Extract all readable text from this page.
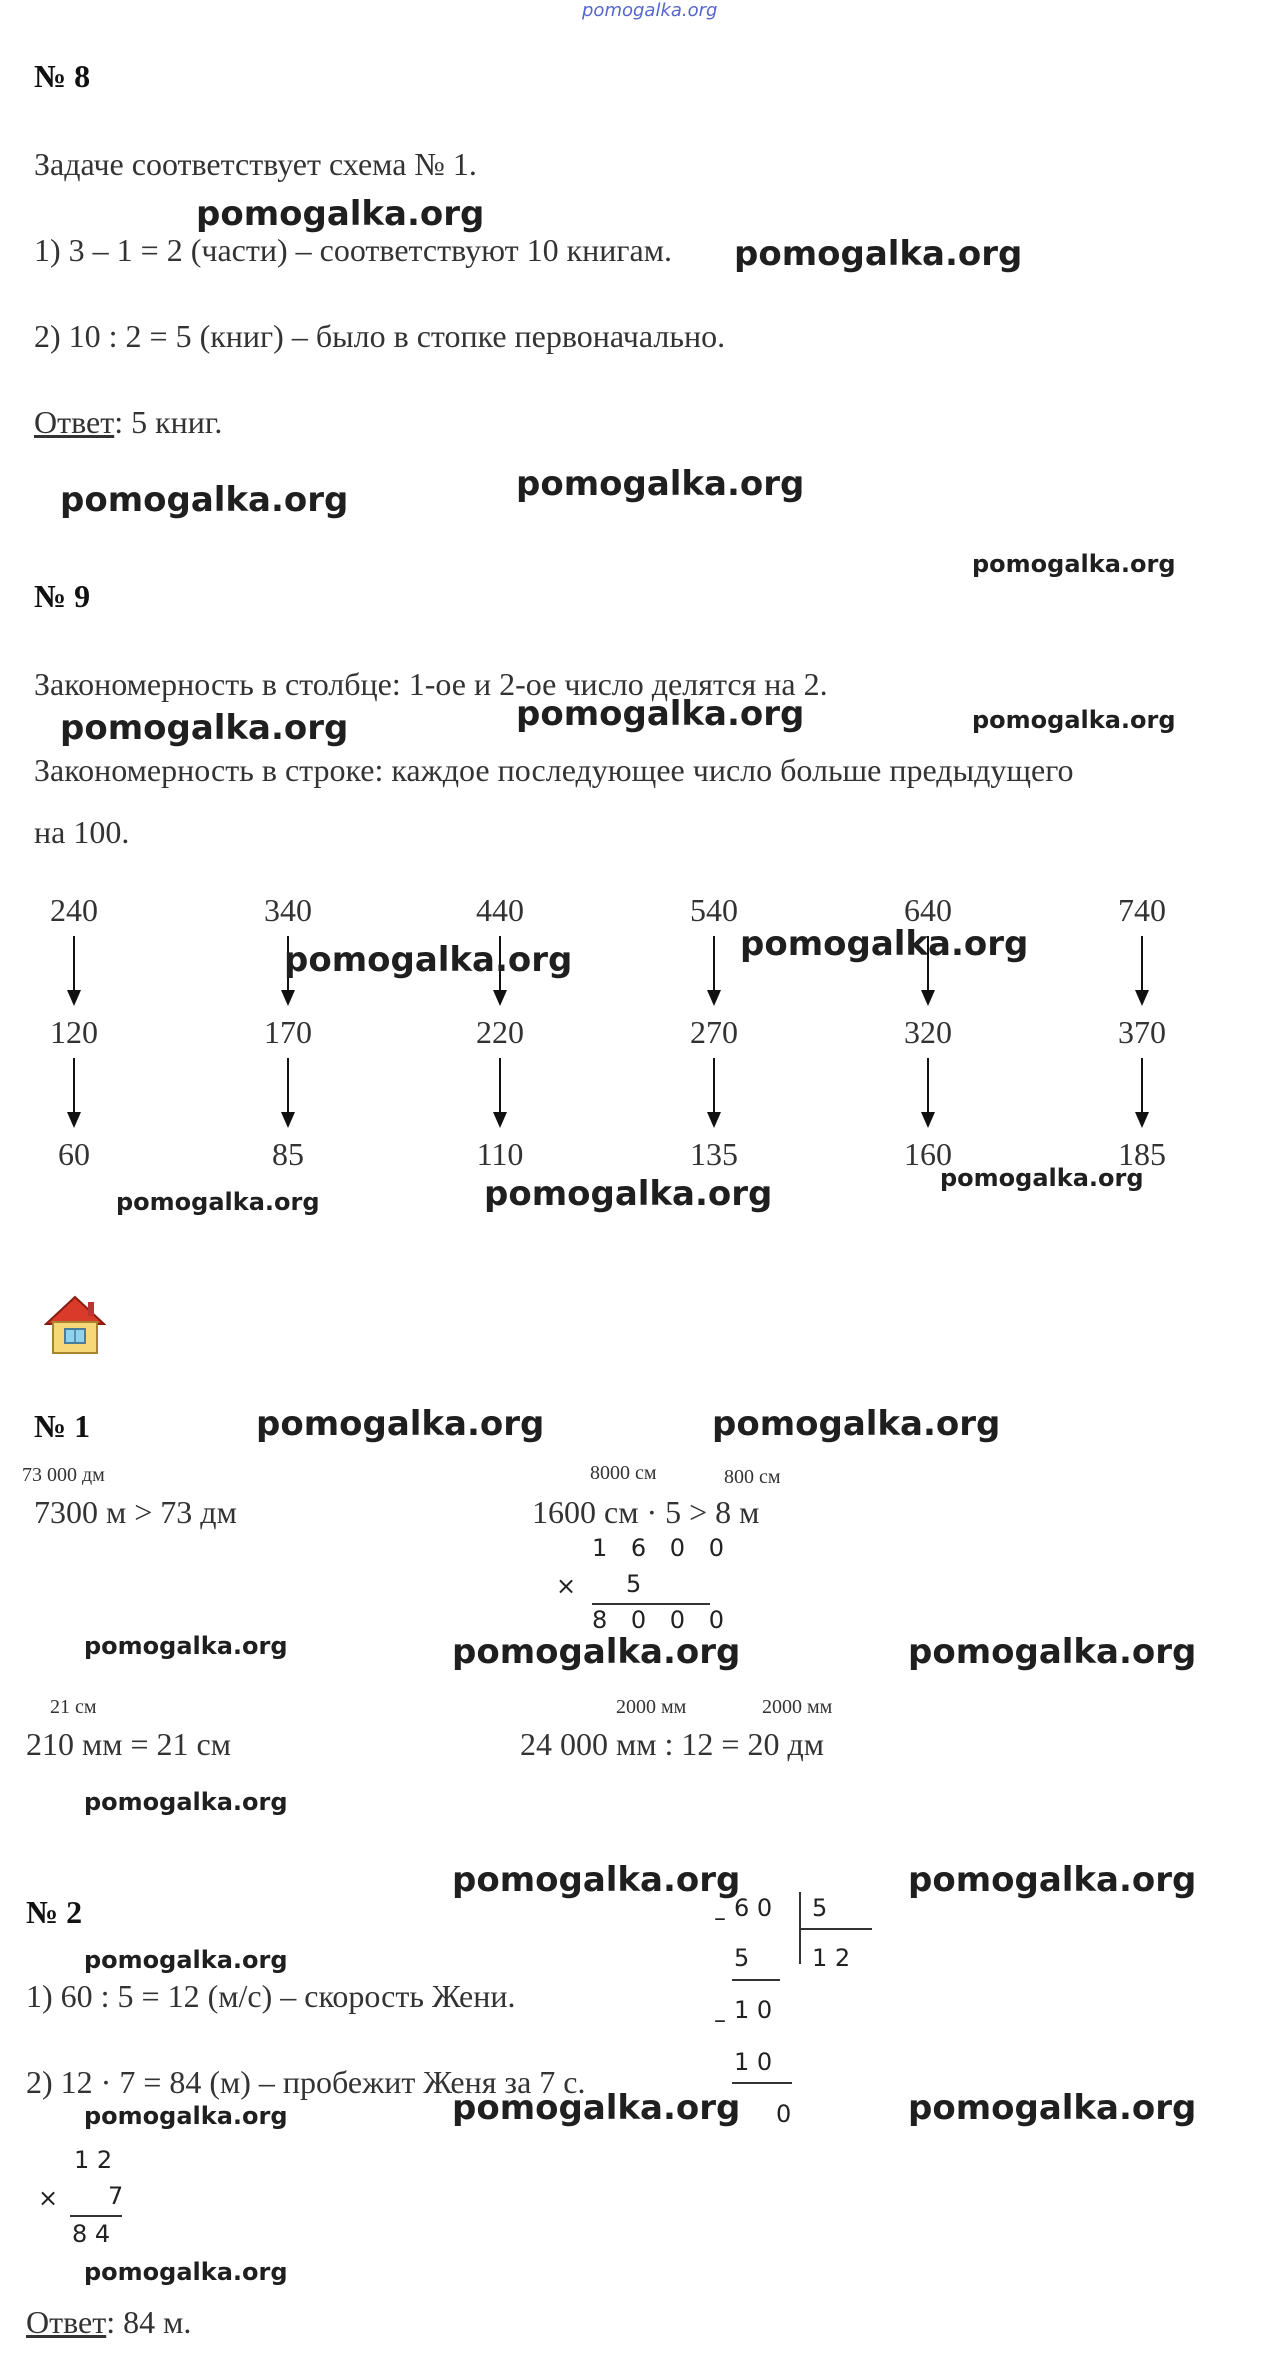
pomogalka.org
№ 8
Задаче соответствует схема № 1.
1) 3 – 1 = 2 (части) – соответствуют 10 книгам.
2) 10 : 2 = 5 (книг) – было в стопке первоначально.
Ответ: 5 книг.
№ 9
Закономерность в столбце: 1-ое и 2-ое число делятся на 2.
Закономерность в строке: каждое последующее число больше предыдущего
на 100.
240	340	440	540	640	740
120	170	220	270	320	370
60	85	110	135	160	185
№ 1
73 000 дм
7300 м > 73 дм
8000 см	800 см
1600 см · 5 > 8 м
1 6 0 0
× 5
8 0 0 0
21 см
210 мм = 21 см
2000 мм	2000 мм
24 000 мм : 12 = 20 дм
№ 2
1) 60 : 5 = 12 (м/с) – скорость Жени.
2) 12 · 7 = 84 (м) – пробежит Женя за 7 с.
– 6 0 5
5	1 2
– 1 0
1 0
0
1 2
× 7
8 4
Ответ: 84 м.
pomogalka.org
pomogalka.org
pomogalka.org	pomogalka.org
pomogalka.org
pomogalka.org	pomogalka.org	pomogalka.org
pomogalka.org	pomogalka.org
pomogalka.org	pomogalka.org	pomogalka.org
pomogalka.org	pomogalka.org
pomogalka.org	pomogalka.org	pomogalka.org
pomogalka.org
pomogalka.org	pomogalka.org
pomogalka.org
pomogalka.org	pomogalka.org	pomogalka.org
pomogalka.org
